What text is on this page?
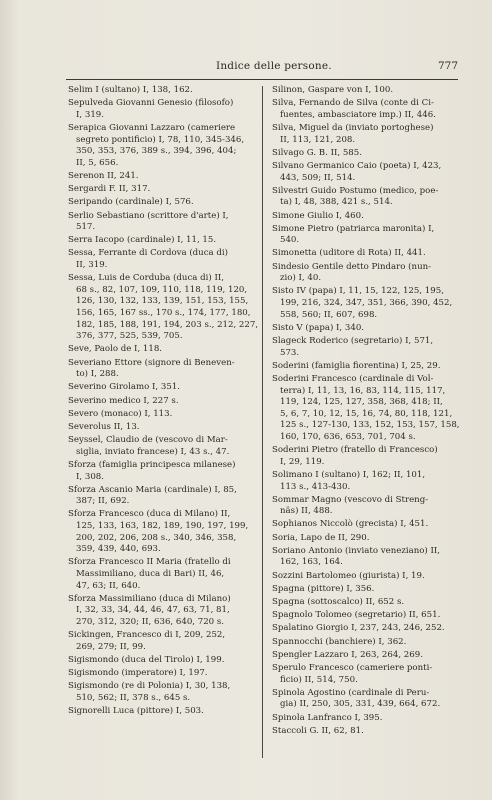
Indice delle persone.	777
Selim I (sultano) I, 138, 162.
Sepulveda Giovanni Genesio (filosofo)
I, 319.
Serapica Giovanni Lazzaro (cameriere
segreto pontificio) I, 78, 110, 345-346,
350, 353, 376, 389 s., 394, 396, 404;
II, 5, 656.
Serenon II, 241.
Sergardi F. II, 317.
Seripando (cardinale) I, 576.
Serlio Sebastiano (scrittore d'arte) I,
517.
Serra Iacopo (cardinale) I, 11, 15.
Sessa, Ferrante di Cordova (duca di)
II, 319.
Sessa, Luis de Corduba (duca di) II,
68 s., 82, 107, 109, 110, 118, 119, 120,
126, 130, 132, 133, 139, 151, 153, 155,
156, 165, 167 ss., 170 s., 174, 177, 180,
182, 185, 188, 191, 194, 203 s., 212, 227,
376, 377, 525, 539, 705.
Seve, Paolo de I, 118.
Severiano Ettore (signore di Beneven-
to) I, 288.
Severino Girolamo I, 351.
Severino medico I, 227 s.
Severo (monaco) I, 113.
Severolus II, 13.
Seyssel, Claudio de (vescovo di Mar-
siglia, inviato francese) I, 43 s., 47.
Sforza (famiglia principesca milanese)
I, 308.
Sforza Ascanio Maria (cardinale) I, 85,
387; II, 692.
Sforza Francesco (duca di Milano) II,
125, 133, 163, 182, 189, 190, 197, 199,
200, 202, 206, 208 s., 340, 346, 358,
359, 439, 440, 693.
Sforza Francesco II Maria (fratello di
Massimiliano, duca di Bari) II, 46,
47, 63; II, 640.
Sforza Massimiliano (duca di Milano)
I, 32, 33, 34, 44, 46, 47, 63, 71, 81,
270, 312, 320; II, 636, 640, 720 s.
Sickingen, Francesco di I, 209, 252,
269, 279; II, 99.
Sigismondo (duca del Tirolo) I, 199.
Sigismondo (imperatore) I, 197.
Sigismondo (re di Polonia) I, 30, 138,
510, 562; II, 378 s., 645 s.
Signorelli Luca (pittore) I, 503.
Silinon, Gaspare von I, 100.
Silva, Fernando de Silva (conte di Ci-
fuentes, ambasciatore imp.) II, 446.
Silva, Miguel da (inviato portoghese)
II, 113, 121, 208.
Silvago G. B. II, 585.
Silvano Germanico Caio (poeta) I, 423,
443, 509; II, 514.
Silvestri Guido Postumo (medico, poe-
ta) I, 48, 388, 421 s., 514.
Simone Giulio I, 460.
Simone Pietro (patriarca maronita) I,
540.
Simonetta (uditore di Rota) II, 441.
Sindesio Gentile detto Pindaro (nun-
zio) I, 40.
Sisto IV (papa) I, 11, 15, 122, 125, 195,
199, 216, 324, 347, 351, 366, 390, 452,
558, 560; II, 607, 698.
Sisto V (papa) I, 340.
Slageck Roderico (segretario) I, 571,
573.
Soderini (famiglia fiorentina) I, 25, 29.
Soderini Francesco (cardinale di Vol-
terra) I, 11, 13, 16, 83, 114, 115, 117,
119, 124, 125, 127, 358, 368, 418; II,
5, 6, 7, 10, 12, 15, 16, 74, 80, 118, 121,
125 s., 127-130, 133, 152, 153, 157, 158,
160, 170, 636, 653, 701, 704 s.
Soderini Pietro (fratello di Francesco)
I, 29, 119.
Solimano I (sultano) I, 162; II, 101,
113 s., 413-430.
Sommar Magno (vescovo di Streng-
näs) II, 488.
Sophianos Niccolò (grecista) I, 451.
Soria, Lapo de II, 290.
Soriano Antonio (inviato veneziano) II,
162, 163, 164.
Sozzini Bartolomeo (giurista) I, 19.
Spagna (pittore) I, 356.
Spagna (sottoscalco) II, 652 s.
Spagnolo Tolomeo (segretario) II, 651.
Spalatino Giorgio I, 237, 243, 246, 252.
Spannocchi (banchiere) I, 362.
Spengler Lazzaro I, 263, 264, 269.
Sperulo Francesco (cameriere ponti-
ficio) II, 514, 750.
Spinola Agostino (cardinale di Peru-
gia) II, 250, 305, 331, 439, 664, 672.
Spinola Lanfranco I, 395.
Staccoli G. II, 62, 81.
